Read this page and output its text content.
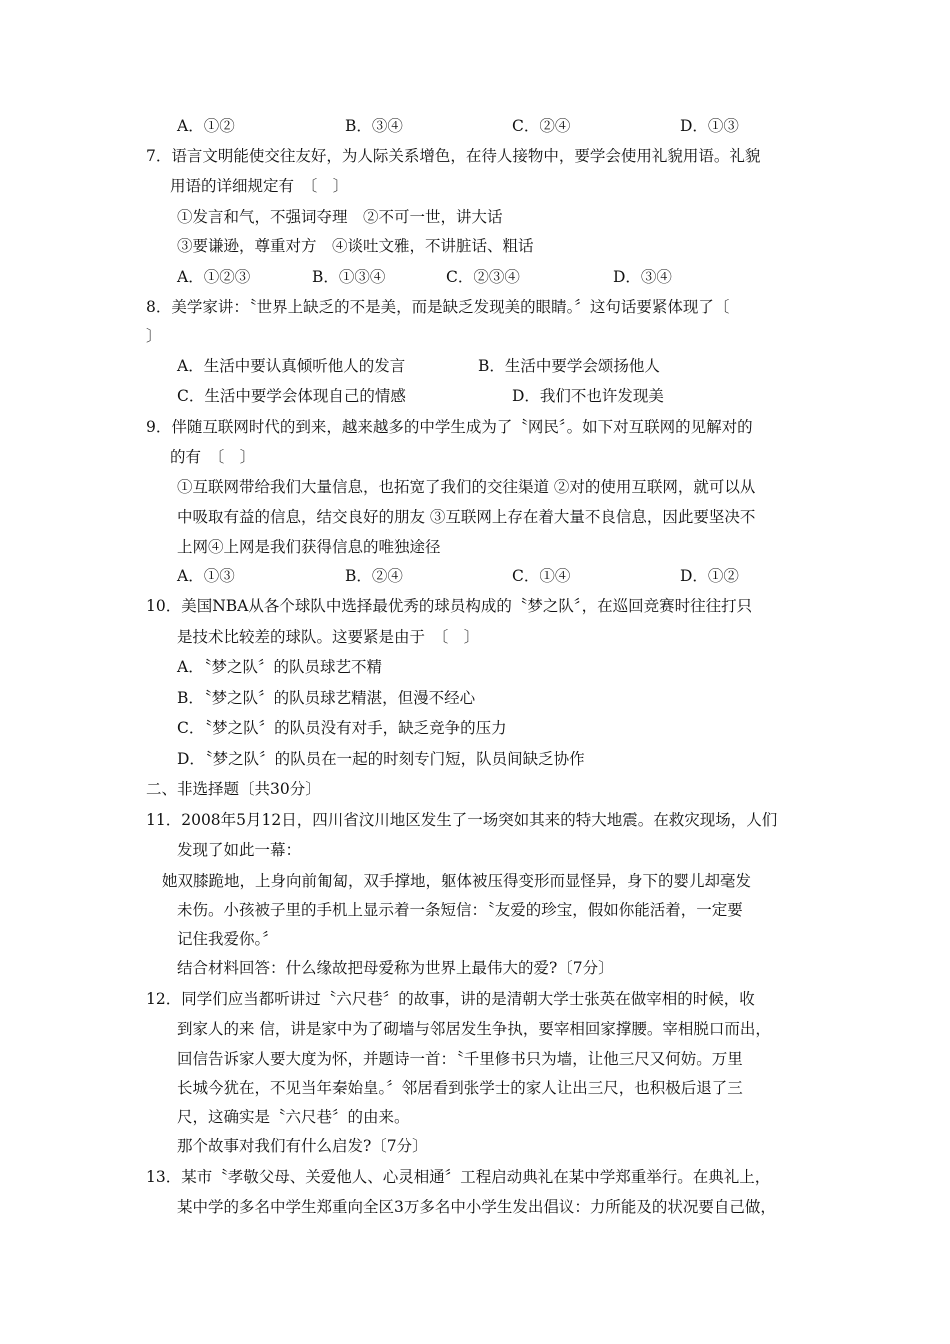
A．①②	B．③④	C．②④	D．①③
7．语言文明能使交往友好，为人际关系增色，在待人接物中，要学会使用礼貌用语。礼貌
用语的详细规定有　〔　〕
①发言和气，不强词夺理　②不可一世，讲大话
③要谦逊，尊重对方　④谈吐文雅，不讲脏话、粗话
A．①②③	B．①③④	C．②③④	D．③④
8．美学家讲：〝世界上缺乏的不是美，而是缺乏发现美的眼睛。〞这句话要紧体现了〔
〕
A．生活中要认真倾听他人的发言	B．生活中要学会颂扬他人
C．生活中要学会体现自己的情感	D．我们不也许发现美
9．伴随互联网时代的到来，越来越多的中学生成为了〝网民〞。如下对互联网的见解对的
的有　〔　〕
①互联网带给我们大量信息，也拓宽了我们的交往渠道 ②对的使用互联网，就可以从
中吸取有益的信息，结交良好的朋友 ③互联网上存在着大量不良信息，因此要坚决不
上网④上网是我们获得信息的唯独途径
A．①③	B．②④	C．①④	D．①②
10．美国NBA从各个球队中选择最优秀的球员构成的〝梦之队〞，在巡回竞赛时往往打只
是技术比较差的球队。这要紧是由于　〔　〕
A．〝梦之队〞的队员球艺不精
B．〝梦之队〞的队员球艺精湛，但漫不经心
C．〝梦之队〞的队员没有对手，缺乏竞争的压力
D．〝梦之队〞的队员在一起的时刻专门短，队员间缺乏协作
二、非选择题〔共30分〕
11．2008年5月12日，四川省汶川地区发生了一场突如其来的特大地震。在救灾现场，人们
发现了如此一幕：
她双膝跪地，上身向前匍匐，双手撑地，躯体被压得变形而显怪异，身下的婴儿却毫发
未伤。小孩被子里的手机上显示着一条短信：〝友爱的珍宝，假如你能活着，一定要
记住我爱你。〞
结合材料回答：什么缘故把母爱称为世界上最伟大的爱?〔7分〕
12．同学们应当都听讲过〝六尺巷〞的故事，讲的是清朝大学士张英在做宰相的时候，收
到家人的来 信，讲是家中为了砌墙与邻居发生争执，要宰相回家撑腰。宰相脱口而出，
回信告诉家人要大度为怀，并题诗一首：〝千里修书只为墙，让他三尺又何妨。万里
长城今犹在，不见当年秦始皇。〞邻居看到张学士的家人让出三尺，也积极后退了三
尺，这确实是〝六尺巷〞的由来。
那个故事对我们有什么启发?〔7分〕
13．某市〝孝敬父母、关爱他人、心灵相通〞工程启动典礼在某中学郑重举行。在典礼上，
某中学的多名中学生郑重向全区3万多名中小学生发出倡议：力所能及的状况要自己做，
